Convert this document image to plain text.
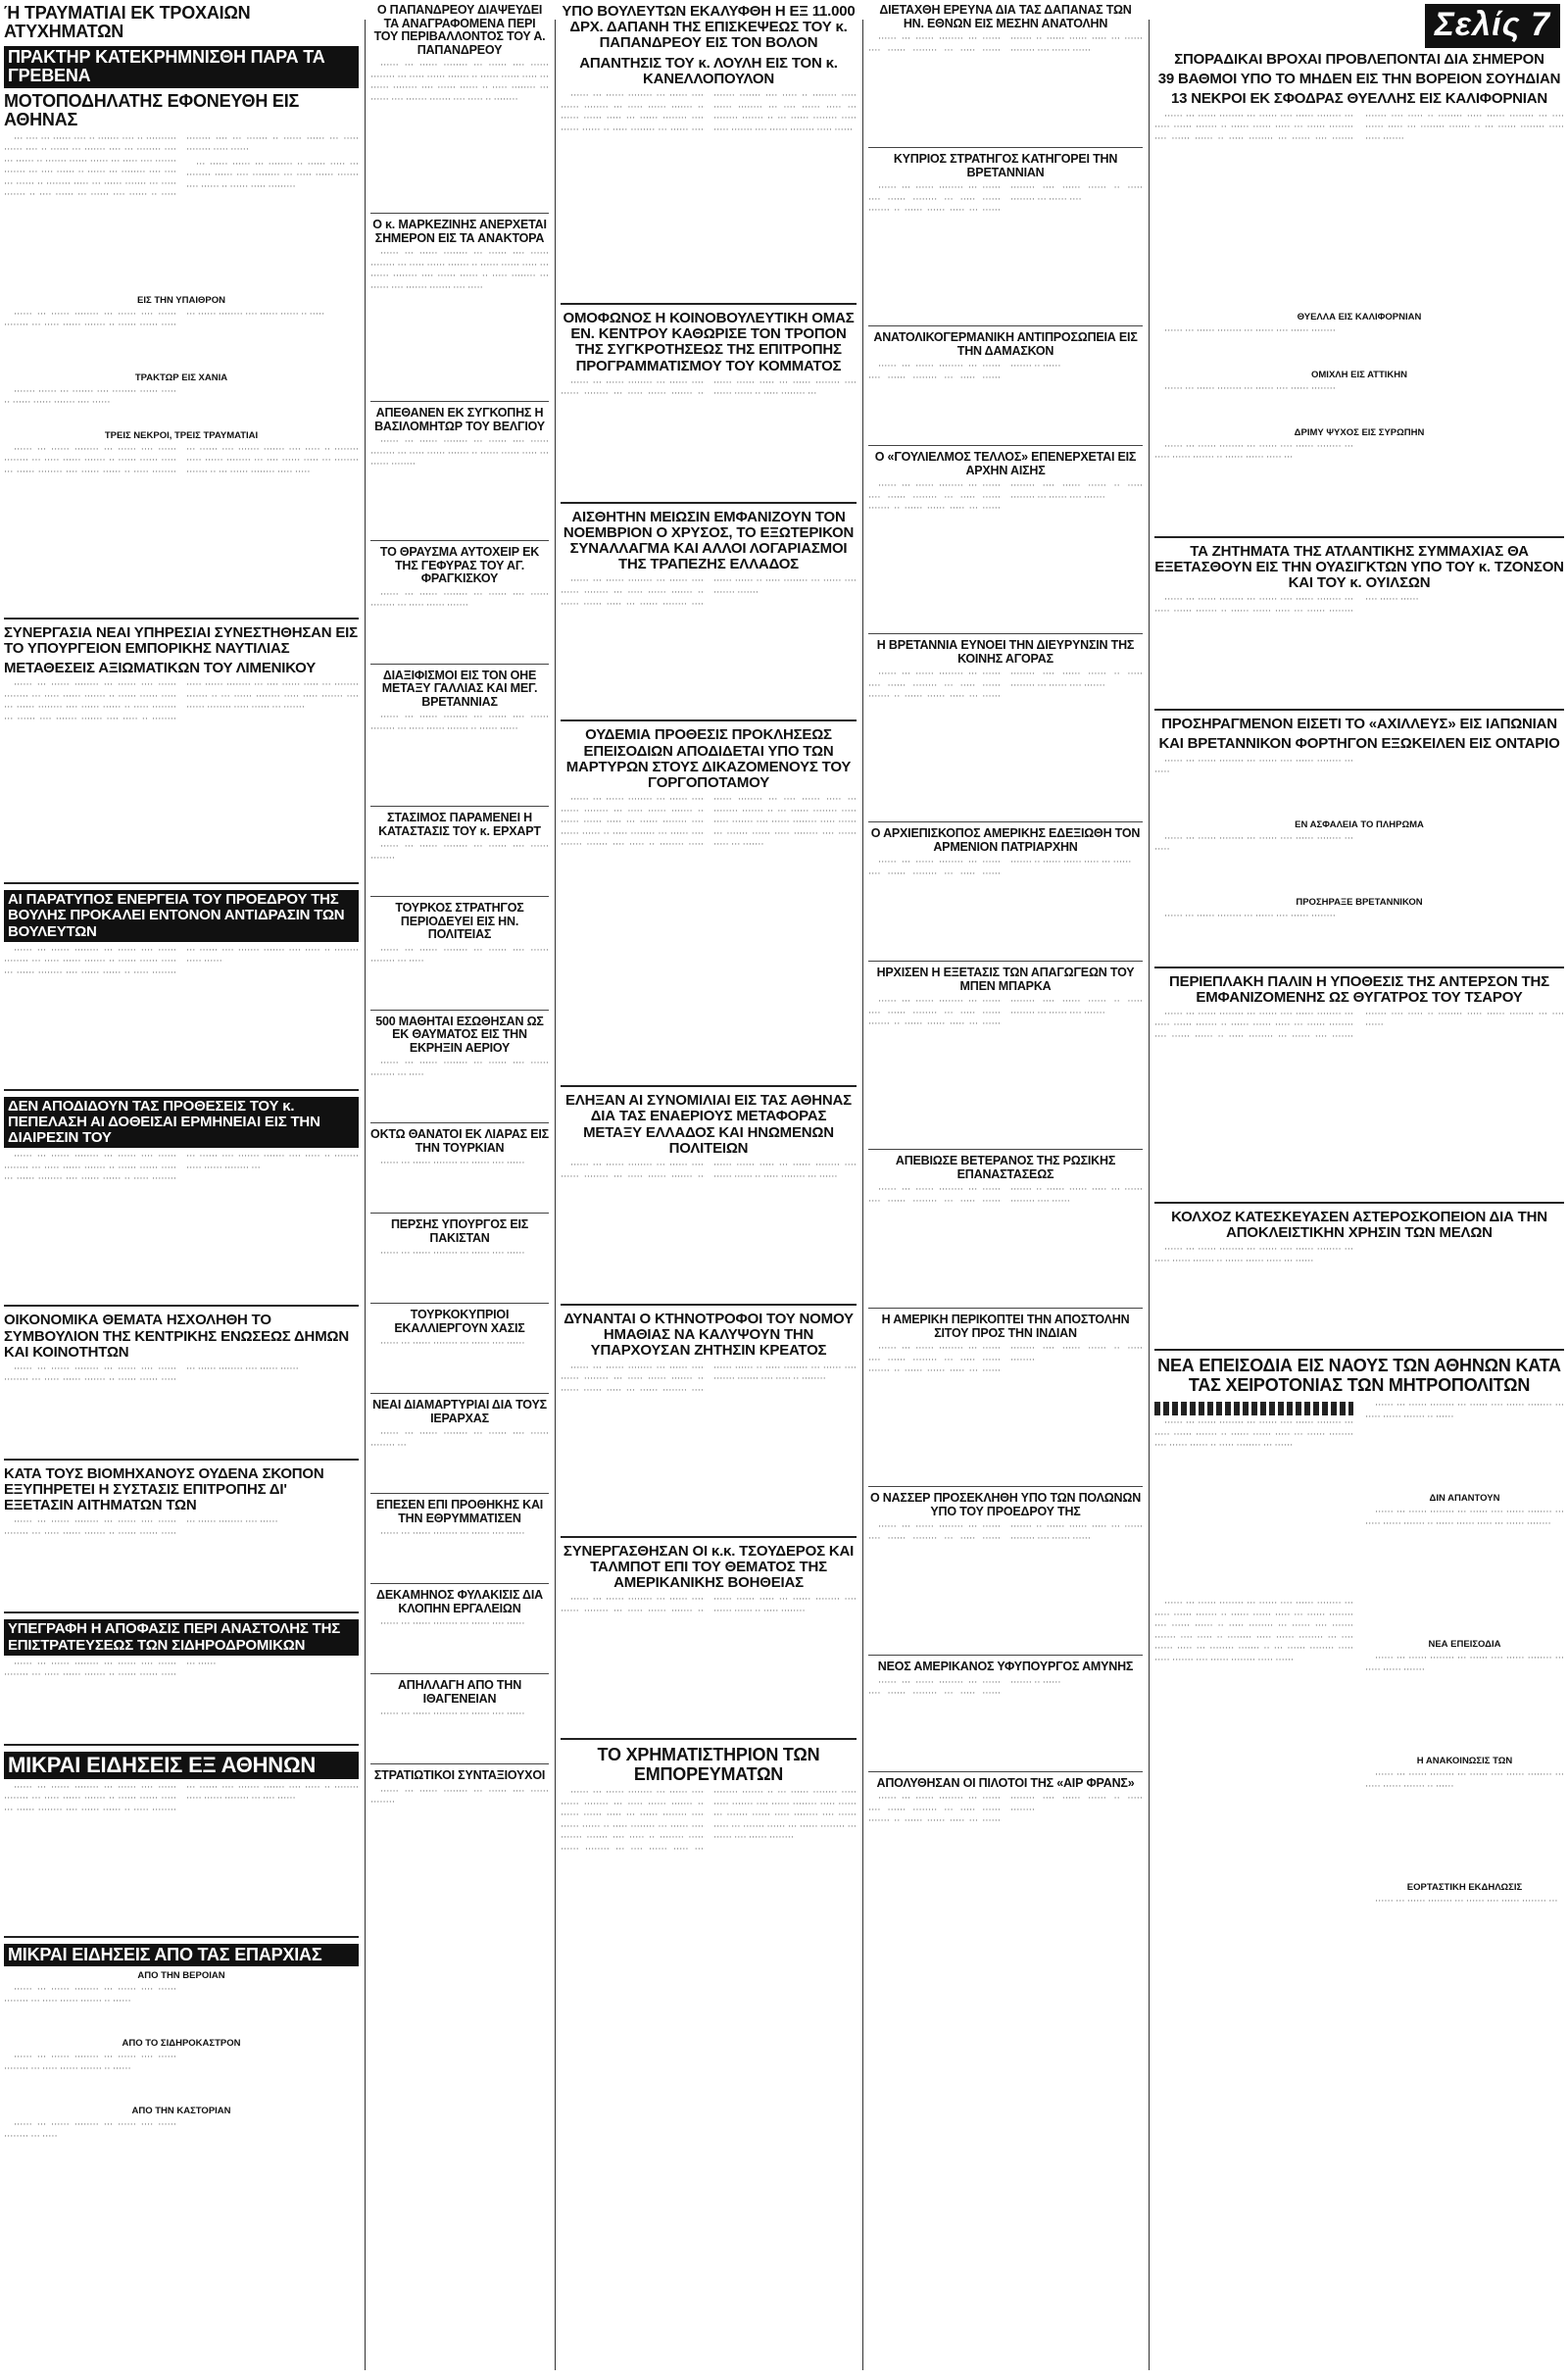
Ή ΤΡΑΥΜΑΤΙΑΙ ΕΚ ΤΡΟΧΑΙΩΝ ΑΤΥΧΗΜΑΤΩΝ
ΠΡΑΚΤΗΡ ΚΑΤΕΚΡΗΜΝΙΣΘΗ ΠΑΡΑ ΤΑ ΓΡΕΒΕΝΑ
ΜΟΤΟΠΟΔΗΛΑΤΗΣ ΕΦΟΝΕΥΘΗ ΕΙΣ ΑΘΗΝΑΣ

··· ···· ··· ······ ···· ·· ······· ···· ·· ·········· ······ ···· ·· ······ ··· ······· ···· ··· ········ ···· ··· ······ ·· ······· ······ ······ ··· ····· ···· ······· ······· ··· ···· ······ ·· ······ ··· ········ ···· ···· ··· ······ ·· ········ ····· ··· ······ ······· ··· ····· ······· ·· ···· ······ ··· ······ ···· ······ ·· ····· ········ ···· ··· ······· ·· ······ ······ ··· ····· ········ ····· ······

··· ······ ······ ··· ········ ·· ······ ····· ··· ········ ······ ···· ········· ··· ····· ······ ······· ···· ······ ·· ······ ····· ·········

ΕΙΣ ΤΗΝ ΥΠΑΙΘΡΟΝ

······ ··· ······ ········ ··· ······ ···· ······ ········ ··· ····· ······ ······· ·· ······ ······ ····· ··· ······ ········ ···· ······ ······ ·· ·····

ΤΡΑΚΤΩΡ ΕΙΣ ΧΑΝΙΑ

······· ······ ··· ······· ···· ········ ······ ····· ·· ······ ······ ······· ···· ······

ΤΡΕΙΣ ΝΕΚΡΟΙ, ΤΡΕΙΣ ΤΡΑΥΜΑΤΙΑΙ

······ ··· ······ ········ ··· ······ ···· ······ ········ ··· ····· ······ ······· ·· ······ ······ ····· ··· ······ ········ ···· ······ ······ ·· ····· ········ ··· ······ ···· ······· ······· ···· ····· ·· ········ ····· ······ ········ ··· ···· ······ ····· ··· ········ ······· ·· ··· ······ ········ ····· ·····

ΣΥΝΕΡΓΑΣΙΑ ΝΕΑΙ ΥΠΗΡΕΣΙΑΙ ΣΥΝΕΣΤΗΘΗΣΑΝ ΕΙΣ ΤΟ ΥΠΟΥΡΓΕΙΟΝ ΕΜΠΟΡΙΚΗΣ ΝΑΥΤΙΛΙΑΣ
ΜΕΤΑΘΕΣΕΙΣ ΑΞΙΩΜΑΤΙΚΩΝ ΤΟΥ ΛΙΜΕΝΙΚΟΥ

······ ··· ······ ········ ··· ······ ···· ······ ········ ··· ····· ······ ······· ·· ······ ······ ····· ··· ······ ········ ···· ······ ······ ·· ····· ········ ··· ······ ···· ······· ······· ···· ····· ·· ········ ····· ······ ········ ··· ···· ······ ····· ··· ········ ······· ·· ··· ······ ········ ····· ····· ······· ···· ······ ········ ····· ······ ··· ·······

ΑΙ ΠΑΡΑΤΥΠΟΣ ΕΝΕΡΓΕΙΑ ΤΟΥ ΠΡΟΕΔΡΟΥ ΤΗΣ ΒΟΥΛΗΣ ΠΡΟΚΑΛΕΙ ΕΝΤΟΝΟΝ ΑΝΤΙΔΡΑΣΙΝ ΤΩΝ ΒΟΥΛΕΥΤΩΝ

······ ··· ······ ········ ··· ······ ···· ······ ········ ··· ····· ······ ······· ·· ······ ······ ····· ··· ······ ········ ···· ······ ······ ·· ····· ········ ··· ······ ···· ······· ······· ···· ····· ·· ········ ····· ······

ΔΕΝ ΑΠΟΔΙΔΟΥΝ ΤΑΣ ΠΡΟΘΕΣΕΙΣ ΤΟΥ κ. ΠΕΠΕΛΑΣΗ ΑΙ ΔΟΘΕΙΣΑΙ ΕΡΜΗΝΕΙΑΙ ΕΙΣ ΤΗΝ ΔΙΑΙΡΕΣΙΝ ΤΟΥ

······ ··· ······ ········ ··· ······ ···· ······ ········ ··· ····· ······ ······· ·· ······ ······ ····· ··· ······ ········ ···· ······ ······ ·· ····· ········ ··· ······ ···· ······· ······· ···· ····· ·· ········ ····· ······ ········ ···

ΟΙΚΟΝΟΜΙΚΑ ΘΕΜΑΤΑ ΗΣΧΟΛΗΘΗ ΤΟ ΣΥΜΒΟΥΛΙΟΝ ΤΗΣ ΚΕΝΤΡΙΚΗΣ ΕΝΩΣΕΩΣ ΔΗΜΩΝ ΚΑΙ ΚΟΙΝΟΤΗΤΩΝ

······ ··· ······ ········ ··· ······ ···· ······ ········ ··· ····· ······ ······· ·· ······ ······ ····· ··· ······ ········ ···· ······ ······

ΚΑΤΑ ΤΟΥΣ ΒΙΟΜΗΧΑΝΟΥΣ ΟΥΔΕΝΑ ΣΚΟΠΟΝ ΕΞΥΠΗΡΕΤΕΙ Η ΣΥΣΤΑΣΙΣ ΕΠΙΤΡΟΠΗΣ ΔΙ' ΕΞΕΤΑΣΙΝ ΑΙΤΗΜΑΤΩΝ ΤΩΝ

······ ··· ······ ········ ··· ······ ···· ······ ········ ··· ····· ······ ······· ·· ······ ······ ····· ··· ······ ········ ···· ······

ΥΠΕΓΡΑΦΗ Η ΑΠΟΦΑΣΙΣ ΠΕΡΙ ΑΝΑΣΤΟΛΗΣ ΤΗΣ ΕΠΙΣΤΡΑΤΕΥΣΕΩΣ ΤΩΝ ΣΙΔΗΡΟΔΡΟΜΙΚΩΝ

······ ··· ······ ········ ··· ······ ···· ······ ········ ··· ····· ······ ······· ·· ······ ······ ····· ··· ······

ΜΙΚΡΑΙ ΕΙΔΗΣΕΙΣ ΕΞ ΑΘΗΝΩΝ

······ ··· ······ ········ ··· ······ ···· ······ ········ ··· ····· ······ ······· ·· ······ ······ ····· ··· ······ ········ ···· ······ ······ ·· ····· ········ ··· ······ ···· ······· ······· ···· ····· ·· ········ ····· ······ ········ ··· ···· ······

ΜΙΚΡΑΙ ΕΙΔΗΣΕΙΣ ΑΠΟ ΤΑΣ ΕΠΑΡΧΙΑΣ
ΑΠΟ ΤΗΝ ΒΕΡΟΙΑΝ

······ ··· ······ ········ ··· ······ ···· ······ ········ ··· ····· ······ ······· ·· ······

ΑΠΟ ΤΟ ΣΙΔΗΡΟΚΑΣΤΡΟΝ

······ ··· ······ ········ ··· ······ ···· ······ ········ ··· ····· ······ ······· ·· ······

ΑΠΟ ΤΗΝ ΚΑΣΤΟΡΙΑΝ

······ ··· ······ ········ ··· ······ ···· ······ ········ ··· ·····

Ο ΠΑΠΑΝΔΡΕΟΥ ΔΙΑΨΕΥΔΕΙ ΤΑ ΑΝΑΓΡΑΦΟΜΕΝΑ ΠΕΡΙ ΤΟΥ ΠΕΡΙΒΑΛΛΟΝΤΟΣ ΤΟΥ Α. ΠΑΠΑΝΔΡΕΟΥ

······ ··· ······ ········ ··· ······ ···· ······ ········ ··· ····· ······ ······· ·· ······ ······ ····· ··· ······ ········ ···· ······ ······ ·· ····· ········ ··· ······ ···· ······· ······· ···· ····· ·· ········

Ο κ. ΜΑΡΚΕΖΙΝΗΣ ΑΝΕΡΧΕΤΑΙ ΣΗΜΕΡΟΝ ΕΙΣ ΤΑ ΑΝΑΚΤΟΡΑ

······ ··· ······ ········ ··· ······ ···· ······ ········ ··· ····· ······ ······· ·· ······ ······ ····· ··· ······ ········ ···· ······ ······ ·· ····· ········ ··· ······ ···· ······· ······· ···· ·····

ΑΠΕΘΑΝΕΝ ΕΚ ΣΥΓΚΟΠΗΣ Η ΒΑΣΙΛΟΜΗΤΩΡ ΤΟΥ ΒΕΛΓΙΟΥ

······ ··· ······ ········ ··· ······ ···· ······ ········ ··· ····· ······ ······· ·· ······ ······ ····· ··· ······ ········

ΤΟ ΘΡΑΥΣΜΑ ΑΥΤΟΧΕΙΡ ΕΚ ΤΗΣ ΓΕΦΥΡΑΣ ΤΟΥ ΑΓ. ΦΡΑΓΚΙΣΚΟΥ

······ ··· ······ ········ ··· ······ ···· ······ ········ ··· ····· ······ ·······

ΔΙΑΞΙΦΙΣΜΟΙ ΕΙΣ ΤΟΝ ΟΗΕ ΜΕΤΑΞΥ ΓΑΛΛΙΑΣ ΚΑΙ ΜΕΓ. ΒΡΕΤΑΝΝΙΑΣ

······ ··· ······ ········ ··· ······ ···· ······ ········ ··· ····· ······ ······· ·· ······ ······

ΣΤΑΣΙΜΟΣ ΠΑΡΑΜΕΝΕΙ Η ΚΑΤΑΣΤΑΣΙΣ ΤΟΥ κ. ΕΡΧΑΡΤ

······ ··· ······ ········ ··· ······ ···· ······ ········

ΤΟΥΡΚΟΣ ΣΤΡΑΤΗΓΟΣ ΠΕΡΙΟΔΕΥΕΙ ΕΙΣ ΗΝ. ΠΟΛΙΤΕΙΑΣ

······ ··· ······ ········ ··· ······ ···· ······ ········ ··· ·····

500 ΜΑΘΗΤΑΙ ΕΣΩΘΗΣΑΝ ΩΣ ΕΚ ΘΑΥΜΑΤΟΣ ΕΙΣ ΤΗΝ ΕΚΡΗΞΙΝ ΑΕΡΙΟΥ

······ ··· ······ ········ ··· ······ ···· ······ ········ ··· ·····

ΟΚΤΩ ΘΑΝΑΤΟΙ ΕΚ ΛΙΑΡΑΣ ΕΙΣ ΤΗΝ ΤΟΥΡΚΙΑΝ

······ ··· ······ ········ ··· ······ ···· ······

ΠΕΡΣΗΣ ΥΠΟΥΡΓΟΣ ΕΙΣ ΠΑΚΙΣΤΑΝ

······ ··· ······ ········ ··· ······ ···· ······

ΤΟΥΡΚΟΚΥΠΡΙΟΙ ΕΚΑΛΛΙΕΡΓΟΥΝ ΧΑΣΙΣ

······ ··· ······ ········ ··· ······ ···· ······

ΝΕΑΙ ΔΙΑΜΑΡΤΥΡΙΑΙ ΔΙΑ ΤΟΥΣ ΙΕΡΑΡΧΑΣ

······ ··· ······ ········ ··· ······ ···· ······ ········ ···

ΕΠΕΣΕΝ ΕΠΙ ΠΡΟΘΗΚΗΣ ΚΑΙ ΤΗΝ ΕΘΡΥΜΜΑΤΙΣΕΝ

······ ··· ······ ········ ··· ······ ···· ······

ΔΕΚΑΜΗΝΟΣ ΦΥΛΑΚΙΣΙΣ ΔΙΑ ΚΛΟΠΗΝ ΕΡΓΑΛΕΙΩΝ

······ ··· ······ ········ ··· ······ ···· ······

ΑΠΗΛΛΑΓΗ ΑΠΟ ΤΗΝ ΙΘΑΓΕΝΕΙΑΝ

······ ··· ······ ········ ··· ······ ···· ······

ΣΤΡΑΤΙΩΤΙΚΟΙ ΣΥΝΤΑΞΙΟΥΧΟΙ

······ ··· ······ ········ ··· ······ ···· ······ ········

ΥΠΟ ΒΟΥΛΕΥΤΩΝ ΕΚΑΛΥΦΘΗ Η ΕΞ 11.000 ΔΡΧ. ΔΑΠΑΝΗ ΤΗΣ ΕΠΙΣΚΕΨΕΩΣ ΤΟΥ κ. ΠΑΠΑΝΔΡΕΟΥ ΕΙΣ ΤΟΝ ΒΟΛΟΝ
ΑΠΑΝΤΗΣΙΣ ΤΟΥ κ. ΛΟΥΛΗ ΕΙΣ ΤΟΝ κ. ΚΑΝΕΛΛΟΠΟΥΛΟΝ

······ ··· ······ ········ ··· ······ ···· ······ ········ ··· ····· ······ ······· ·· ······ ······ ····· ··· ······ ········ ···· ······ ······ ·· ····· ········ ··· ······ ···· ······· ······· ···· ····· ·· ········ ····· ······ ········ ··· ···· ······ ····· ··· ········ ······· ·· ··· ······ ········ ····· ····· ······· ···· ······ ········ ····· ······

ΟΜΟΦΩΝΟΣ Η ΚΟΙΝΟΒΟΥΛΕΥΤΙΚΗ ΟΜΑΣ ΕΝ. ΚΕΝΤΡΟΥ ΚΑΘΩΡΙΣΕ ΤΟΝ ΤΡΟΠΟΝ ΤΗΣ ΣΥΓΚΡΟΤΗΣΕΩΣ ΤΗΣ ΕΠΙΤΡΟΠΗΣ ΠΡΟΓΡΑΜΜΑΤΙΣΜΟΥ ΤΟΥ ΚΟΜΜΑΤΟΣ

······ ··· ······ ········ ··· ······ ···· ······ ········ ··· ····· ······ ······· ·· ······ ······ ····· ··· ······ ········ ···· ······ ······ ·· ····· ········ ···

ΑΙΣΘΗΤΗΝ ΜΕΙΩΣΙΝ ΕΜΦΑΝΙΖΟΥΝ ΤΟΝ ΝΟΕΜΒΡΙΟΝ Ο ΧΡΥΣΟΣ, ΤΟ ΕΞΩΤΕΡΙΚΟΝ ΣΥΝΑΛΛΑΓΜΑ ΚΑΙ ΑΛΛΟΙ ΛΟΓΑΡΙΑΣΜΟΙ ΤΗΣ ΤΡΑΠΕΖΗΣ ΕΛΛΑΔΟΣ

······ ··· ······ ········ ··· ······ ···· ······ ········ ··· ····· ······ ······· ·· ······ ······ ····· ··· ······ ········ ···· ······ ······ ·· ····· ········ ··· ······ ···· ······· ·······

ΟΥΔΕΜΙΑ ΠΡΟΘΕΣΙΣ ΠΡΟΚΛΗΣΕΩΣ ΕΠΕΙΣΟΔΙΩΝ ΑΠΟΔΙΔΕΤΑΙ ΥΠΟ ΤΩΝ ΜΑΡΤΥΡΩΝ ΣΤΟΥΣ ΔΙΚΑΖΟΜΕΝΟΥΣ ΤΟΥ ΓΟΡΓΟΠΟΤΑΜΟΥ

······ ··· ······ ········ ··· ······ ···· ······ ········ ··· ····· ······ ······· ·· ······ ······ ····· ··· ······ ········ ···· ······ ······ ·· ····· ········ ··· ······ ···· ······· ······· ···· ····· ·· ········ ····· ······ ········ ··· ···· ······ ····· ··· ········ ······· ·· ··· ······ ········ ····· ····· ······· ···· ······ ········ ····· ······ ··· ······· ······ ····· ········ ···· ······ ····· ··· ·······

ΕΛΗΞΑΝ ΑΙ ΣΥΝΟΜΙΛΙΑΙ ΕΙΣ ΤΑΣ ΑΘΗΝΑΣ ΔΙΑ ΤΑΣ ΕΝΑΕΡΙΟΥΣ ΜΕΤΑΦΟΡΑΣ ΜΕΤΑΞΥ ΕΛΛΑΔΟΣ ΚΑΙ ΗΝΩΜΕΝΩΝ ΠΟΛΙΤΕΙΩΝ

······ ··· ······ ········ ··· ······ ···· ······ ········ ··· ····· ······ ······· ·· ······ ······ ····· ··· ······ ········ ···· ······ ······ ·· ····· ········ ··· ······

ΔΥΝΑΝΤΑΙ Ο ΚΤΗΝΟΤΡΟΦΟΙ ΤΟΥ ΝΟΜΟΥ ΗΜΑΘΙΑΣ ΝΑ ΚΑΛΥΨΟΥΝ ΤΗΝ ΥΠΑΡΧΟΥΣΑΝ ΖΗΤΗΣΙΝ ΚΡΕΑΤΟΣ

······ ··· ······ ········ ··· ······ ···· ······ ········ ··· ····· ······ ······· ·· ······ ······ ····· ··· ······ ········ ···· ······ ······ ·· ····· ········ ··· ······ ···· ······· ······· ···· ····· ·· ········

ΣΥΝΕΡΓΑΣΘΗΣΑΝ ΟΙ κ.κ. ΤΣΟΥΔΕΡΟΣ ΚΑΙ ΤΑΛΜΠΟΤ ΕΠΙ ΤΟΥ ΘΕΜΑΤΟΣ ΤΗΣ ΑΜΕΡΙΚΑΝΙΚΗΣ ΒΟΗΘΕΙΑΣ

······ ··· ······ ········ ··· ······ ···· ······ ········ ··· ····· ······ ······· ·· ······ ······ ····· ··· ······ ········ ···· ······ ······ ·· ····· ········

ΤΟ ΧΡΗΜΑΤΙΣΤΗΡΙΟΝ ΤΩΝ ΕΜΠΟΡΕΥΜΑΤΩΝ

······ ··· ······ ········ ··· ······ ···· ······ ········ ··· ····· ······ ······· ·· ······ ······ ····· ··· ······ ········ ···· ······ ······ ·· ····· ········ ··· ······ ···· ······· ······· ···· ····· ·· ········ ····· ······ ········ ··· ···· ······ ····· ··· ········ ······· ·· ··· ······ ········ ····· ····· ······· ···· ······ ········ ····· ······ ··· ······· ······ ····· ········ ···· ······ ····· ··· ······· ······ ··· ······ ········ ··· ······ ···· ······ ········

ΔΙΕΤΑΧΘΗ ΕΡΕΥΝΑ ΔΙΑ ΤΑΣ ΔΑΠΑΝΑΣ ΤΩΝ ΗΝ. ΕΘΝΩΝ ΕΙΣ ΜΕΣΗΝ ΑΝΑΤΟΛΗΝ

······ ··· ······ ········ ··· ······ ···· ······ ········ ··· ····· ······ ······· ·· ······ ······ ····· ··· ······ ········ ···· ······ ······

ΚΥΠΡΙΟΣ ΣΤΡΑΤΗΓΟΣ ΚΑΤΗΓΟΡΕΙ ΤΗΝ ΒΡΕΤΑΝΝΙΑΝ

······ ··· ······ ········ ··· ······ ···· ······ ········ ··· ····· ······ ······· ·· ······ ······ ····· ··· ······ ········ ···· ······ ······ ·· ····· ········ ··· ······ ····

ΑΝΑΤΟΛΙΚΟΓΕΡΜΑΝΙΚΗ ΑΝΤΙΠΡΟΣΩΠΕΙΑ ΕΙΣ ΤΗΝ ΔΑΜΑΣΚΟΝ

······ ··· ······ ········ ··· ······ ···· ······ ········ ··· ····· ······ ······· ·· ······

Ο «ΓΟΥΛΙΕΛΜΟΣ ΤΕΛΛΟΣ» ΕΠΕΝΕΡΧΕΤΑΙ ΕΙΣ ΑΡΧΗΝ ΑΙΣΗΣ

······ ··· ······ ········ ··· ······ ···· ······ ········ ··· ····· ······ ······· ·· ······ ······ ····· ··· ······ ········ ···· ······ ······ ·· ····· ········ ··· ······ ···· ·······

Η ΒΡΕΤΑΝΝΙΑ ΕΥΝΟΕΙ ΤΗΝ ΔΙΕΥΡΥΝΣΙΝ ΤΗΣ ΚΟΙΝΗΣ ΑΓΟΡΑΣ

······ ··· ······ ········ ··· ······ ···· ······ ········ ··· ····· ······ ······· ·· ······ ······ ····· ··· ······ ········ ···· ······ ······ ·· ····· ········ ··· ······ ···· ·······

Ο ΑΡΧΙΕΠΙΣΚΟΠΟΣ ΑΜΕΡΙΚΗΣ ΕΔΕΞΙΩΘΗ ΤΟΝ ΑΡΜΕΝΙΟΝ ΠΑΤΡΙΑΡΧΗΝ

······ ··· ······ ········ ··· ······ ···· ······ ········ ··· ····· ······ ······· ·· ······ ······ ····· ··· ······

ΗΡΧΙΣΕΝ Η ΕΞΕΤΑΣΙΣ ΤΩΝ ΑΠΑΓΩΓΕΩΝ ΤΟΥ ΜΠΕΝ ΜΠΑΡΚΑ

······ ··· ······ ········ ··· ······ ···· ······ ········ ··· ····· ······ ······· ·· ······ ······ ····· ··· ······ ········ ···· ······ ······ ·· ····· ········ ··· ······ ···· ·······

ΑΠΕΒΙΩΣΕ ΒΕΤΕΡΑΝΟΣ ΤΗΣ ΡΩΣΙΚΗΣ ΕΠΑΝΑΣΤΑΣΕΩΣ

······ ··· ······ ········ ··· ······ ···· ······ ········ ··· ····· ······ ······· ·· ······ ······ ····· ··· ······ ········ ···· ······

Η ΑΜΕΡΙΚΗ ΠΕΡΙΚΟΠΤΕΙ ΤΗΝ ΑΠΟΣΤΟΛΗΝ ΣΙΤΟΥ ΠΡΟΣ ΤΗΝ ΙΝΔΙΑΝ

······ ··· ······ ········ ··· ······ ···· ······ ········ ··· ····· ······ ······· ·· ······ ······ ····· ··· ······ ········ ···· ······ ······ ·· ····· ········

Ο ΝΑΣΣΕΡ ΠΡΟΣΕΚΛΗΘΗ ΥΠΟ ΤΩΝ ΠΟΛΩΝΩΝ ΥΠΟ ΤΟΥ ΠΡΟΕΔΡΟΥ ΤΗΣ

······ ··· ······ ········ ··· ······ ···· ······ ········ ··· ····· ······ ······· ·· ······ ······ ····· ··· ······ ········ ···· ······ ······

ΝΕΟΣ ΑΜΕΡΙΚΑΝΟΣ ΥΦΥΠΟΥΡΓΟΣ ΑΜΥΝΗΣ

······ ··· ······ ········ ··· ······ ···· ······ ········ ··· ····· ······ ······· ·· ······

ΑΠΟΛΥΘΗΣΑΝ ΟΙ ΠΙΛΟΤΟΙ ΤΗΣ «ΑΙΡ ΦΡΑΝΣ»

······ ··· ······ ········ ··· ······ ···· ······ ········ ··· ····· ······ ······· ·· ······ ······ ····· ··· ······ ········ ···· ······ ······ ·· ····· ········

Σελίς 7
ΣΠΟΡΑΔΙΚΑΙ ΒΡΟΧΑΙ ΠΡΟΒΛΕΠΟΝΤΑΙ ΔΙΑ ΣΗΜΕΡΟΝ
39 ΒΑΘΜΟΙ ΥΠΟ ΤΟ ΜΗΔΕΝ ΕΙΣ ΤΗΝ ΒΟΡΕΙΟΝ ΣΟΥΗΔΙΑΝ
13 ΝΕΚΡΟΙ ΕΚ ΣΦΟΔΡΑΣ ΘΥΕΛΛΗΣ ΕΙΣ ΚΑΛΙΦΟΡΝΙΑΝ

······ ··· ······ ········ ··· ······ ···· ······ ········ ··· ····· ······ ······· ·· ······ ······ ····· ··· ······ ········ ···· ······ ······ ·· ····· ········ ··· ······ ···· ······· ······· ···· ····· ·· ········ ····· ······ ········ ··· ···· ······ ····· ··· ········ ······· ·· ··· ······ ········ ····· ····· ·······

ΘΥΕΛΛΑ ΕΙΣ ΚΑΛΙΦΟΡΝΙΑΝ

······ ··· ······ ········ ··· ······ ···· ······ ········

ΟΜΙΧΛΗ ΕΙΣ ΑΤΤΙΚΗΝ

······ ··· ······ ········ ··· ······ ···· ······ ········

ΔΡΙΜΥ ΨΥΧΟΣ ΕΙΣ ΣΥΡΩΠΗΝ

······ ··· ······ ········ ··· ······ ···· ······ ········ ··· ····· ······ ······· ·· ······ ······ ····· ···

ΤΑ ΖΗΤΗΜΑΤΑ ΤΗΣ ΑΤΛΑΝΤΙΚΗΣ ΣΥΜΜΑΧΙΑΣ ΘΑ ΕΞΕΤΑΣΘΟΥΝ ΕΙΣ ΤΗΝ ΟΥΑΣΙΓΚΤΩΝ ΥΠΟ ΤΟΥ κ. ΤΖΟΝΣΟΝ ΚΑΙ ΤΟΥ κ. ΟΥΙΛΣΩΝ

······ ··· ······ ········ ··· ······ ···· ······ ········ ··· ····· ······ ······· ·· ······ ······ ····· ··· ······ ········ ···· ······ ······

ΠΡΟΣΗΡΑΓΜΕΝΟΝ ΕΙΣΕΤΙ ΤΟ «ΑΧΙΛΛΕΥΣ» ΕΙΣ ΙΑΠΩΝΙΑΝ
ΚΑΙ ΒΡΕΤΑΝΝΙΚΟΝ ΦΟΡΤΗΓΟΝ ΕΞΩΚΕΙΛΕΝ ΕΙΣ ΟΝΤΑΡΙΟ

······ ··· ······ ········ ··· ······ ···· ······ ········ ··· ·····

ΕΝ ΑΣΦΑΛΕΙΑ ΤΟ ΠΛΗΡΩΜΑ

······ ··· ······ ········ ··· ······ ···· ······ ········ ··· ·····

ΠΡΟΣΗΡΑΞΕ ΒΡΕΤΑΝΝΙΚΟΝ

······ ··· ······ ········ ··· ······ ···· ······ ········

ΠΕΡΙΕΠΛΑΚΗ ΠΑΛΙΝ Η ΥΠΟΘΕΣΙΣ ΤΗΣ ΑΝΤΕΡΣΟΝ ΤΗΣ ΕΜΦΑΝΙΖΟΜΕΝΗΣ ΩΣ ΘΥΓΑΤΡΟΣ ΤΟΥ ΤΣΑΡΟΥ

······ ··· ······ ········ ··· ······ ···· ······ ········ ··· ····· ······ ······· ·· ······ ······ ····· ··· ······ ········ ···· ······ ······ ·· ····· ········ ··· ······ ···· ······· ······· ···· ····· ·· ········ ····· ······ ········ ··· ···· ······

ΚΟΛΧΟΖ ΚΑΤΕΣΚΕΥΑΣΕΝ ΑΣΤΕΡΟΣΚΟΠΕΙΟΝ ΔΙΑ ΤΗΝ ΑΠΟΚΛΕΙΣΤΙΚΗΝ ΧΡΗΣΙΝ ΤΩΝ ΜΕΛΩΝ

······ ··· ······ ········ ··· ······ ···· ······ ········ ··· ····· ······ ······· ·· ······ ······ ····· ··· ······

ΝΕΑ ΕΠΕΙΣΟΔΙΑ ΕΙΣ ΝΑΟΥΣ ΤΩΝ ΑΘΗΝΩΝ ΚΑΤΑ ΤΑΣ ΧΕΙΡΟΤΟΝΙΑΣ ΤΩΝ ΜΗΤΡΟΠΟΛΙΤΩΝ

······ ··· ······ ········ ··· ······ ···· ······ ········ ··· ····· ······ ······· ·· ······ ······ ····· ··· ······ ········ ···· ······ ······ ·· ····· ········ ··· ······

······ ··· ······ ········ ··· ······ ···· ······ ········ ··· ····· ······ ······· ·· ······ ······ ····· ··· ······ ········ ···· ······ ······ ·· ····· ········ ··· ······ ···· ······· ······· ···· ····· ·· ········ ····· ······ ········ ··· ···· ······ ····· ··· ········ ······· ·· ··· ······ ········ ····· ····· ······· ···· ······ ········ ····· ······

······ ··· ······ ········ ··· ······ ···· ······ ········ ··· ····· ······ ······· ·· ······

ΔΙΝ ΑΠΑΝΤΟΥΝ

······ ··· ······ ········ ··· ······ ···· ······ ········ ··· ····· ······ ······· ·· ······ ······ ····· ··· ······ ········

ΝΕΑ ΕΠΕΙΣΟΔΙΑ

······ ··· ······ ········ ··· ······ ···· ······ ········ ··· ····· ······ ·······

Η ΑΝΑΚΟΙΝΩΣΙΣ ΤΩΝ

······ ··· ······ ········ ··· ······ ···· ······ ········ ··· ····· ······ ······· ·· ······

ΕΟΡΤΑΣΤΙΚΗ ΕΚΔΗΛΩΣΙΣ

······ ··· ······ ········ ··· ······ ···· ······ ········ ···
